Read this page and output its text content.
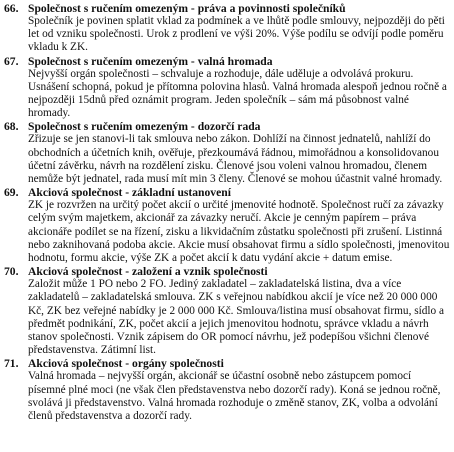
66. Společnost s ručením omezeným - práva a povinnosti společníků

Společník je povinen splatit vklad za podmínek a ve lhůtě podle smlouvy, nejpozději do pěti let od vzniku společnosti. Urok z prodlení ve výši 20%. Výše podílu se odvíjí podle poměru vkladu k ZK.

67. Společnost s ručením omezeným - valná hromada

Nejvyšší orgán společnosti – schvaluje a rozhoduje, dále uděluje a odvolává prokuru. Usnášení schopná, pokud je přítomna polovina hlasů. Valná hromada alespoň jednou ročně a nejpozději 15dnů před oznámit program. Jeden společník – sám má působnost valné hromady.

68. Společnost s ručením omezeným - dozorčí rada

Zřizuje se jen stanovi-li tak smlouva nebo zákon. Dohlíží na činnost jednatelů, nahlíží do obchodních a účetních knih, ověřuje, přezkoumává řádnou, mimořádnou a konsolidovanou účetní závěrku, návrh na rozdělení zisku. Členové jsou voleni valnou hromadou, členem nemůže být jednatel, rada musí mít min 3 členy. Členové se mohou účastnit valné hromady.

69. Akciová společnost - základní ustanovení

ZK je rozvržen na určitý počet akcií o určité jmenovité hodnotě. Společnost ručí za závazky celým svým majetkem, akcionář za závazky neručí. Akcie je cenným papírem – práva akcionáře podílet se na řízení, zisku a likvidačním zůstatku společnosti při zrušení. Listinná nebo zaknihovaná podoba akcie. Akcie musí obsahovat firmu a sídlo společnosti, jmenovitou hodnotu, formu akcie, výše ZK a počet akcií k datu vydání akcie + datum emise.

70. Akciová společnost - založení a vznik společnosti

Založit může 1 PO nebo 2 FO. Jediný zakladatel – zakladatelská listina, dva a více zakladatelů – zakladatelská smlouva. ZK s veřejnou nabídkou akcií je více než 20 000 000 Kč, ZK bez veřejné nabídky je 2 000 000 Kč. Smlouva/listina musí obsahovat firmu, sídlo a předmět podnikání, ZK, počet akcií a jejich jmenovitou hodnotu, správce vkladu a návrh stanov společnosti. Vznik zápisem do OR pomocí návrhu, jež podepíšou všichni členové představenstva. Zátimní list.

71. Akciová společnost - orgány společnosti

Valná hromada – nejvyšší orgán, akcionář se účastní osobně nebo zástupcem pomocí písemné plné moci (ne však člen představenstva nebo dozorčí rady). Koná se jednou ročně, svolává ji představenstvo. Valná hromada rozhoduje o změně stanov, ZK, volba a odvolání členů představenstva a dozorčí rady.
